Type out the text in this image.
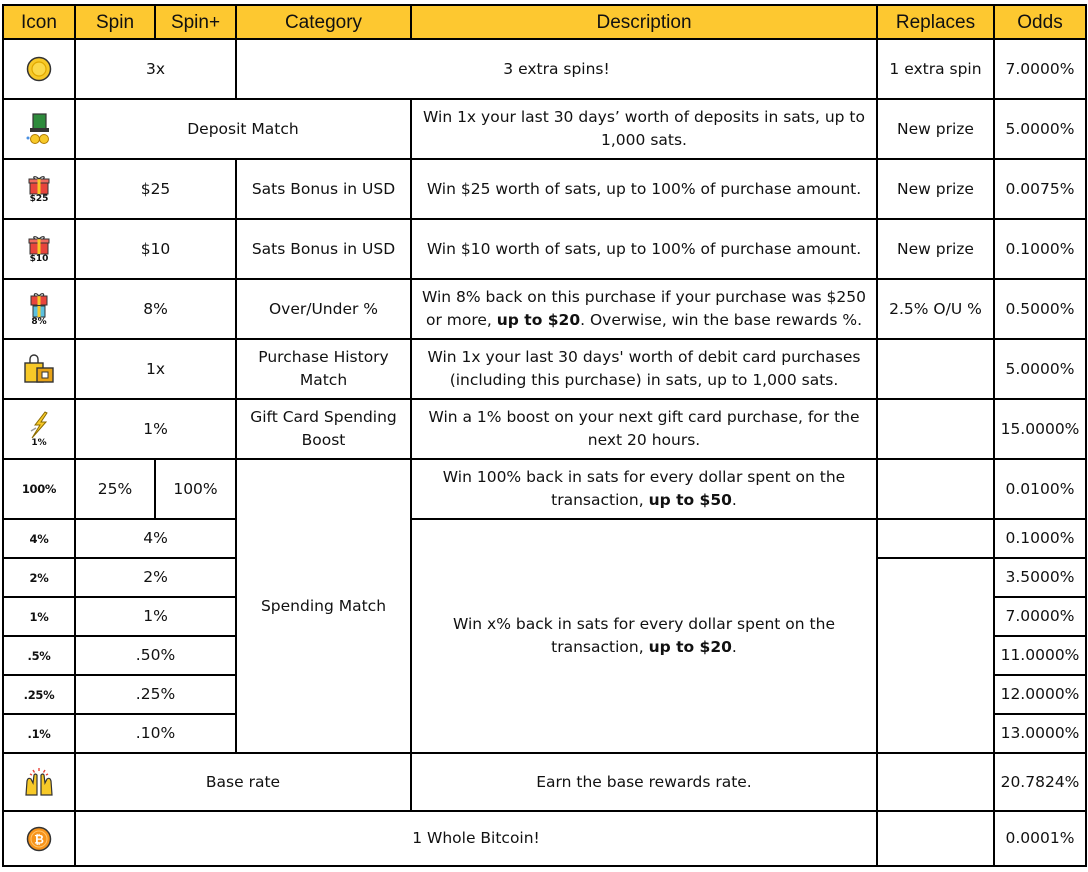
Icon	Spin	Spin+	Category	Description	Replaces	Odds

	3x		3 extra spins!		1 extra spin	7.0000%

	Deposit Match			Win 1x your last 30 days’ worth of deposits in sats, up to 1,000 sats.	New prize	5.0000%

$25	$25		Sats Bonus in USD	Win $25 worth of sats, up to 100% of purchase amount.	New prize	0.0075%

$10	$10		Sats Bonus in USD	Win $10 worth of sats, up to 100% of purchase amount.	New prize	0.1000%

8%	8%		Over/Under %	Win 8% back on this purchase if your purchase was $250 or more, up to $20. Overwise, win the base rewards %.	2.5% O/U %	0.5000%

	1x		Purchase History Match	Win 1x your last 30 days' worth of debit card purchases (including this purchase) in sats, up to 1,000 sats.		5.0000%

1%	1%		Gift Card Spending Boost	Win a 1% boost on your next gift card purchase, for the next 20 hours.		15.0000%
100%	25%	100%	Spending Match	Win 100% back in sats for every dollar spent on the transaction, up to $50.		0.0100%
4%	4%			Win x% back in sats for every dollar spent on the transaction, up to $20.		0.1000%
2%	2%					3.5000%
1%	1%					7.0000%
.5%	.50%					11.0000%
.25%	.25%					12.0000%
.1%	.10%					13.0000%

	Base rate			Earn the base rewards rate.		20.7824%

₿	1 Whole Bitcoin!					0.0001%
